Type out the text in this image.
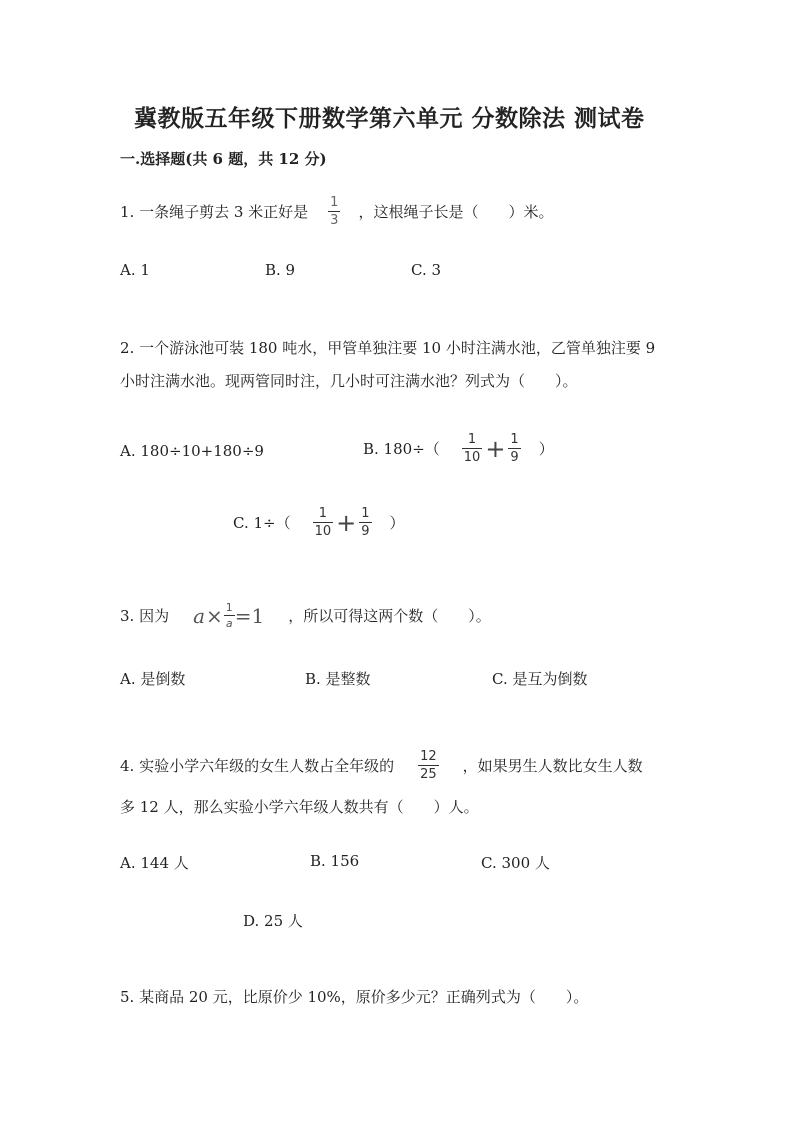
冀教版五年级下册数学第六单元 分数除法 测试卷
一.选择题(共 6 题，共 12 分)
1. 一条绳子剪去 3 米正好是 $\frac{1}{3}$ ，这根绳子长是（　　）米。
A. 1	B. 9	C. 3
2. 一个游泳池可装 180 吨水，甲管单独注要 10 小时注满水池，乙管单独注要 9
小时注满水池。现两管同时注，几小时可注满水池？列式为（　　）。
A. 180÷10+180÷9	B. $180\div( \frac{1}{10} + \frac{1}{9}$ ）
C. $1\div( \frac{1}{10} + \frac{1}{9}$ ）
3. 因为 $a \times \frac{1}{a} =1$ ，所以可得这两个数（　　）。
A. 是倒数	B. 是整数	C. 是互为倒数
4. 实验小学六年级的女生人数占全年级的 $\frac{12}{25}$ ，如果男生人数比女生人数
多 12 人，那么实验小学六年级人数共有（　　）人。
A. 144 人	B. 156	C. 300 人
D. 25 人
5. 某商品 20 元，比原价少 10%，原价多少元？正确列式为（　　）。
